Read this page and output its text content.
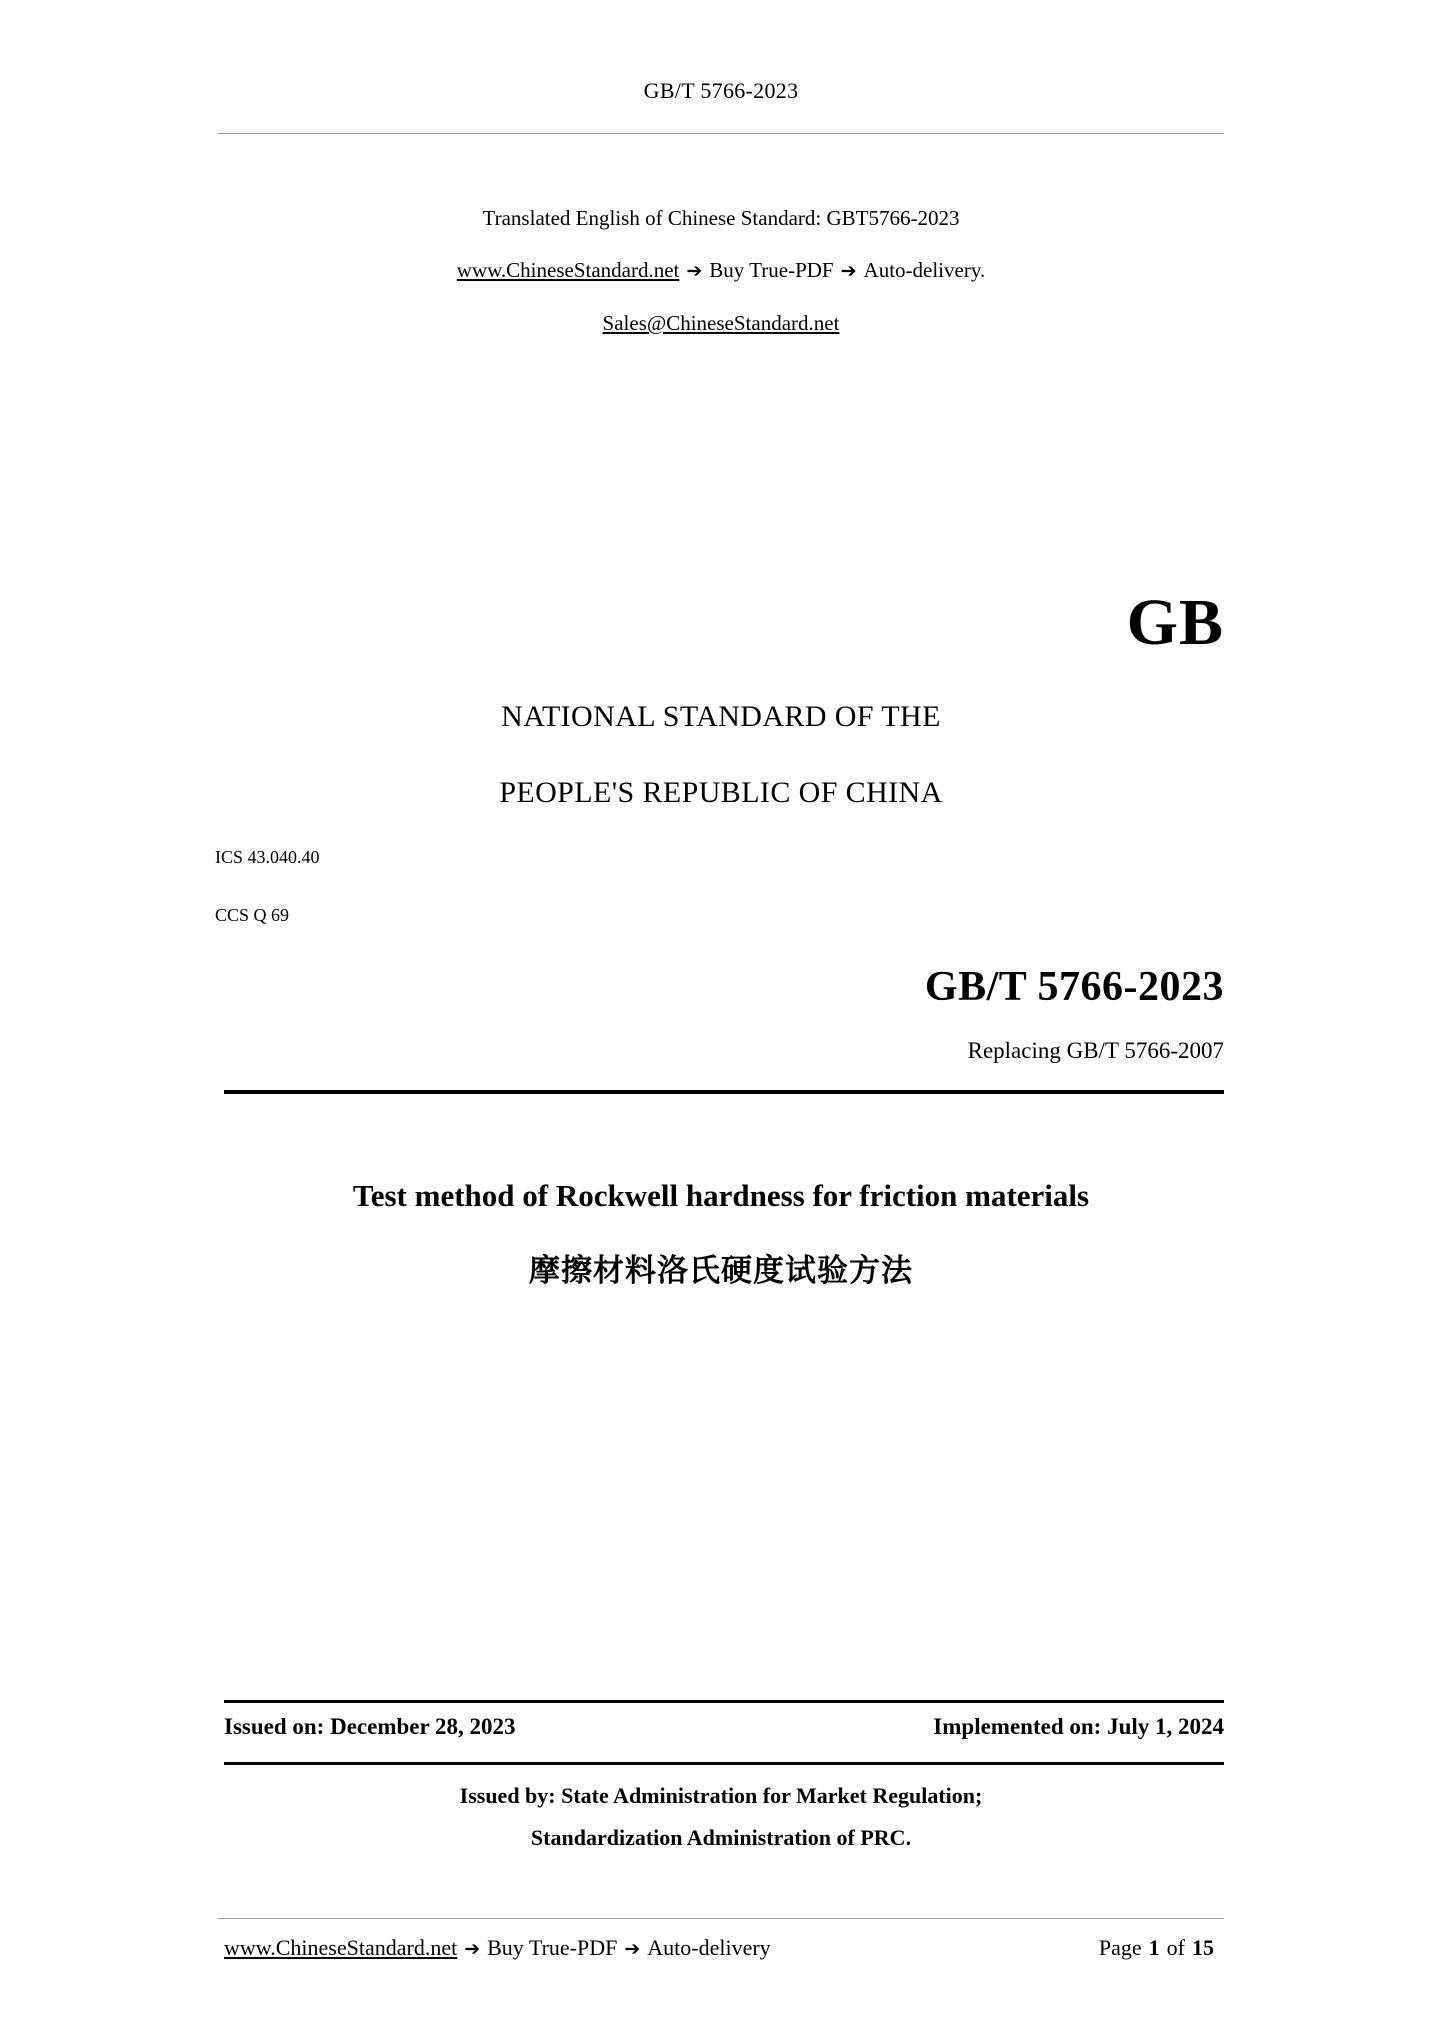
GB/T 5766-2023
Translated English of Chinese Standard: GBT5766-2023
www.ChineseStandard.net ➔ Buy True-PDF ➔ Auto-delivery.
Sales@ChineseStandard.net
GB
NATIONAL STANDARD OF THE
PEOPLE'S REPUBLIC OF CHINA
ICS 43.040.40
CCS Q 69
GB/T 5766-2023
Replacing GB/T 5766-2007
Test method of Rockwell hardness for friction materials
摩擦材料洛氏硬度试验方法
Issued on: December 28, 2023	Implemented on: July 1, 2024
Issued by: State Administration for Market Regulation;
Standardization Administration of PRC.
www.ChineseStandard.net ➔ Buy True-PDF ➔ Auto-delivery	Page 1 of 15
